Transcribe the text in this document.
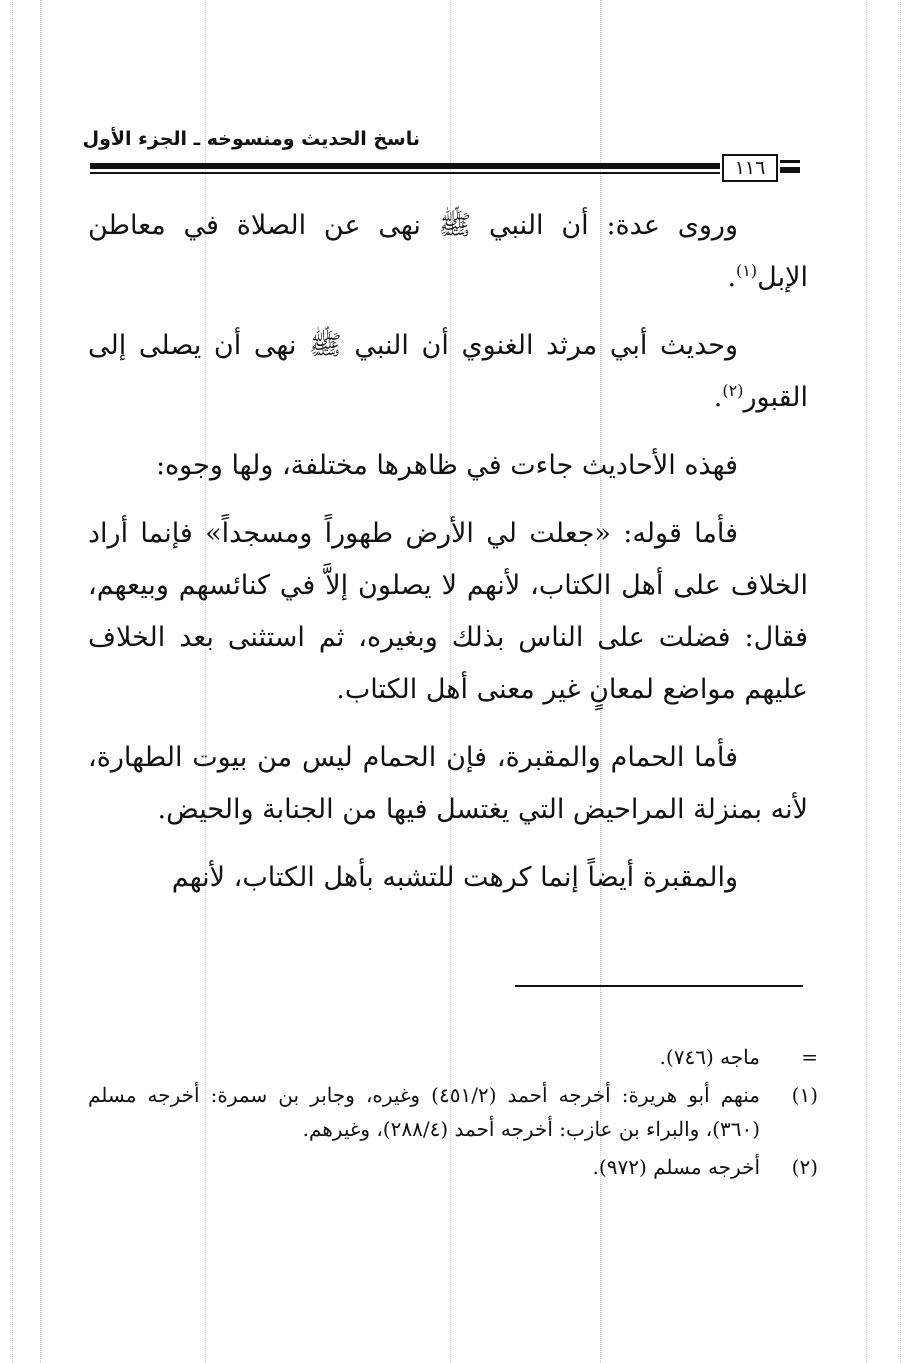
ناسخ الحديث ومنسوخه ـ الجزء الأول
١١٦

وروى عدة: أن النبي ﷺ نهى عن الصلاة في معاطن الإبل$^{(١)}$.

وحديث أبي مرثد الغنوي أن النبي ﷺ نهى أن يصلى إلى القبور$^{(٢)}$.

فهذه الأحاديث جاءت في ظاهرها مختلفة، ولها وجوه:

فأما قوله: «جعلت لي الأرض طهوراً ومسجداً» فإنما أراد الخلاف على أهل الكتاب، لأنهم لا يصلون إلاَّ في كنائسهم وبيعهم، فقال: فضلت على الناس بذلك وبغيره، ثم استثنى بعد الخلاف عليهم مواضع لمعانٍ غير معنى أهل الكتاب.

فأما الحمام والمقبرة، فإن الحمام ليس من بيوت الطهارة، لأنه بمنزلة المراحيض التي يغتسل فيها من الجنابة والحيض.

والمقبرة أيضاً إنما كرهت للتشبه بأهل الكتاب، لأنهم

=
ماجه (٧٤٦).
(١)
منهم أبو هريرة: أخرجه أحمد (٤٥١/٢) وغيره، وجابر بن سمرة: أخرجه مسلم (٣٦٠)، والبراء بن عازب: أخرجه أحمد (٢٨٨/٤)، وغيرهم.
(٢)
أخرجه مسلم (٩٧٢).
